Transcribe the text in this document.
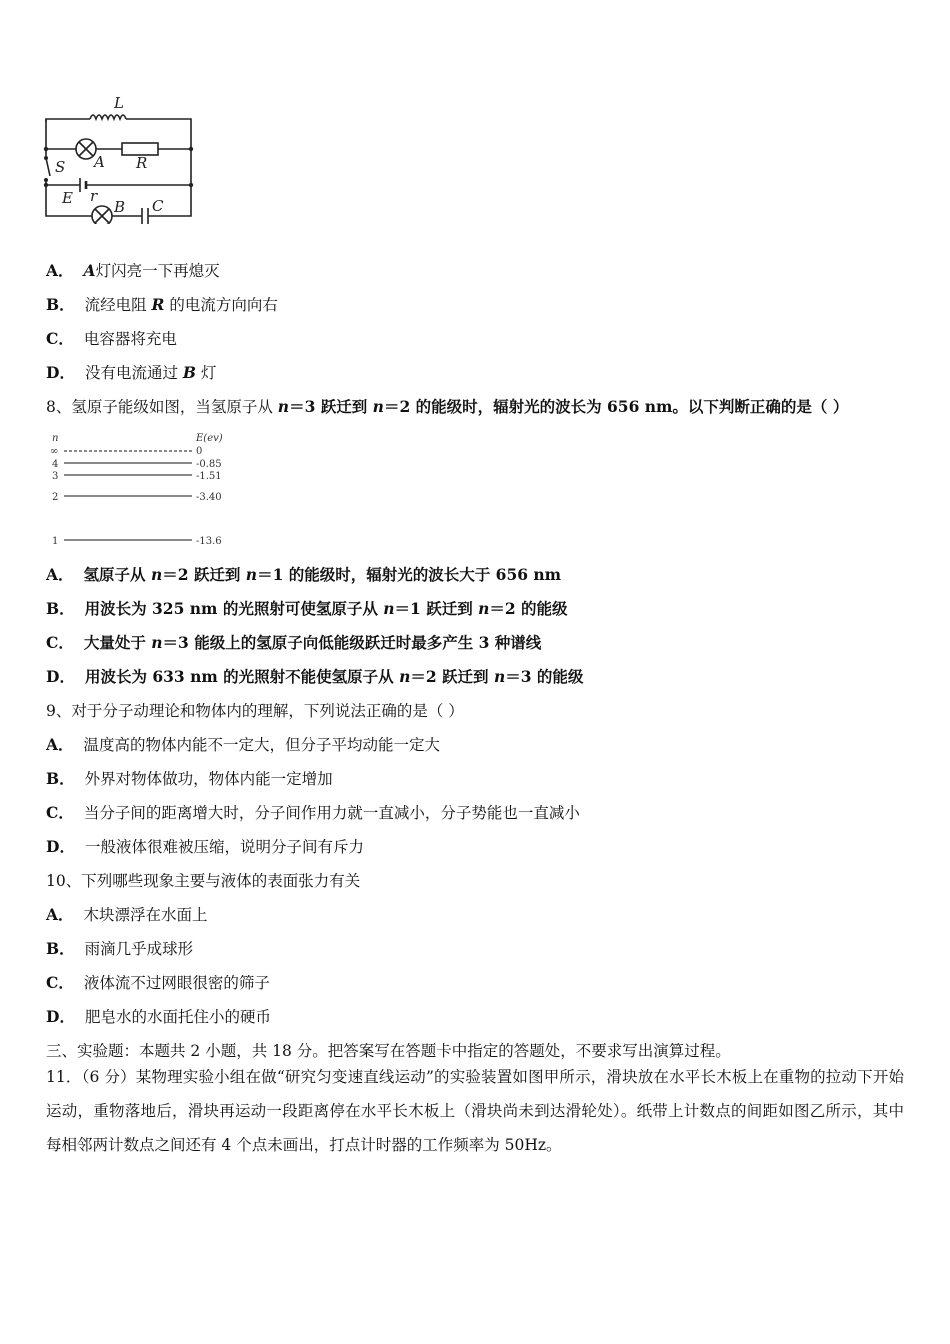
L
A R
S
E r
B C
A． A灯闪亮一下再熄灭
B． 流经电阻 R 的电流方向向右
C． 电容器将充电
D． 没有电流通过 B 灯
8、氢原子能级如图，当氢原子从 n＝3 跃迁到 n＝2 的能级时，辐射光的波长为 656 nm。以下判断正确的是（ ）
n	E(ev)
∞
4
3
2
1
0
-0.85
-1.51
-3.40
-13.6
A． 氢原子从 n＝2 跃迁到 n＝1 的能级时，辐射光的波长大于 656 nm
B． 用波长为 325 nm 的光照射可使氢原子从 n＝1 跃迁到 n＝2 的能级
C． 大量处于 n＝3 能级上的氢原子向低能级跃迁时最多产生 3 种谱线
D． 用波长为 633 nm 的光照射不能使氢原子从 n＝2 跃迁到 n＝3 的能级
9、对于分子动理论和物体内的理解，下列说法正确的是（ ）
A． 温度高的物体内能不一定大，但分子平均动能一定大
B． 外界对物体做功，物体内能一定增加
C． 当分子间的距离增大时，分子间作用力就一直减小，分子势能也一直减小
D． 一般液体很难被压缩，说明分子间有斥力
10、下列哪些现象主要与液体的表面张力有关
A． 木块漂浮在水面上
B． 雨滴几乎成球形
C． 液体流不过网眼很密的筛子
D． 肥皂水的水面托住小的硬币
三、实验题：本题共 2 小题，共 18 分。把答案写在答题卡中指定的答题处，不要求写出演算过程。
11．（6 分）某物理实验小组在做“研究匀变速直线运动”的实验装置如图甲所示，滑块放在水平长木板上在重物的拉动下开始运动，重物落地后，滑块再运动一段距离停在水平长木板上（滑块尚未到达滑轮处）。纸带上计数点的间距如图乙所示，其中每相邻两计数点之间还有 4 个点未画出，打点计时器的工作频率为 50Hz。
